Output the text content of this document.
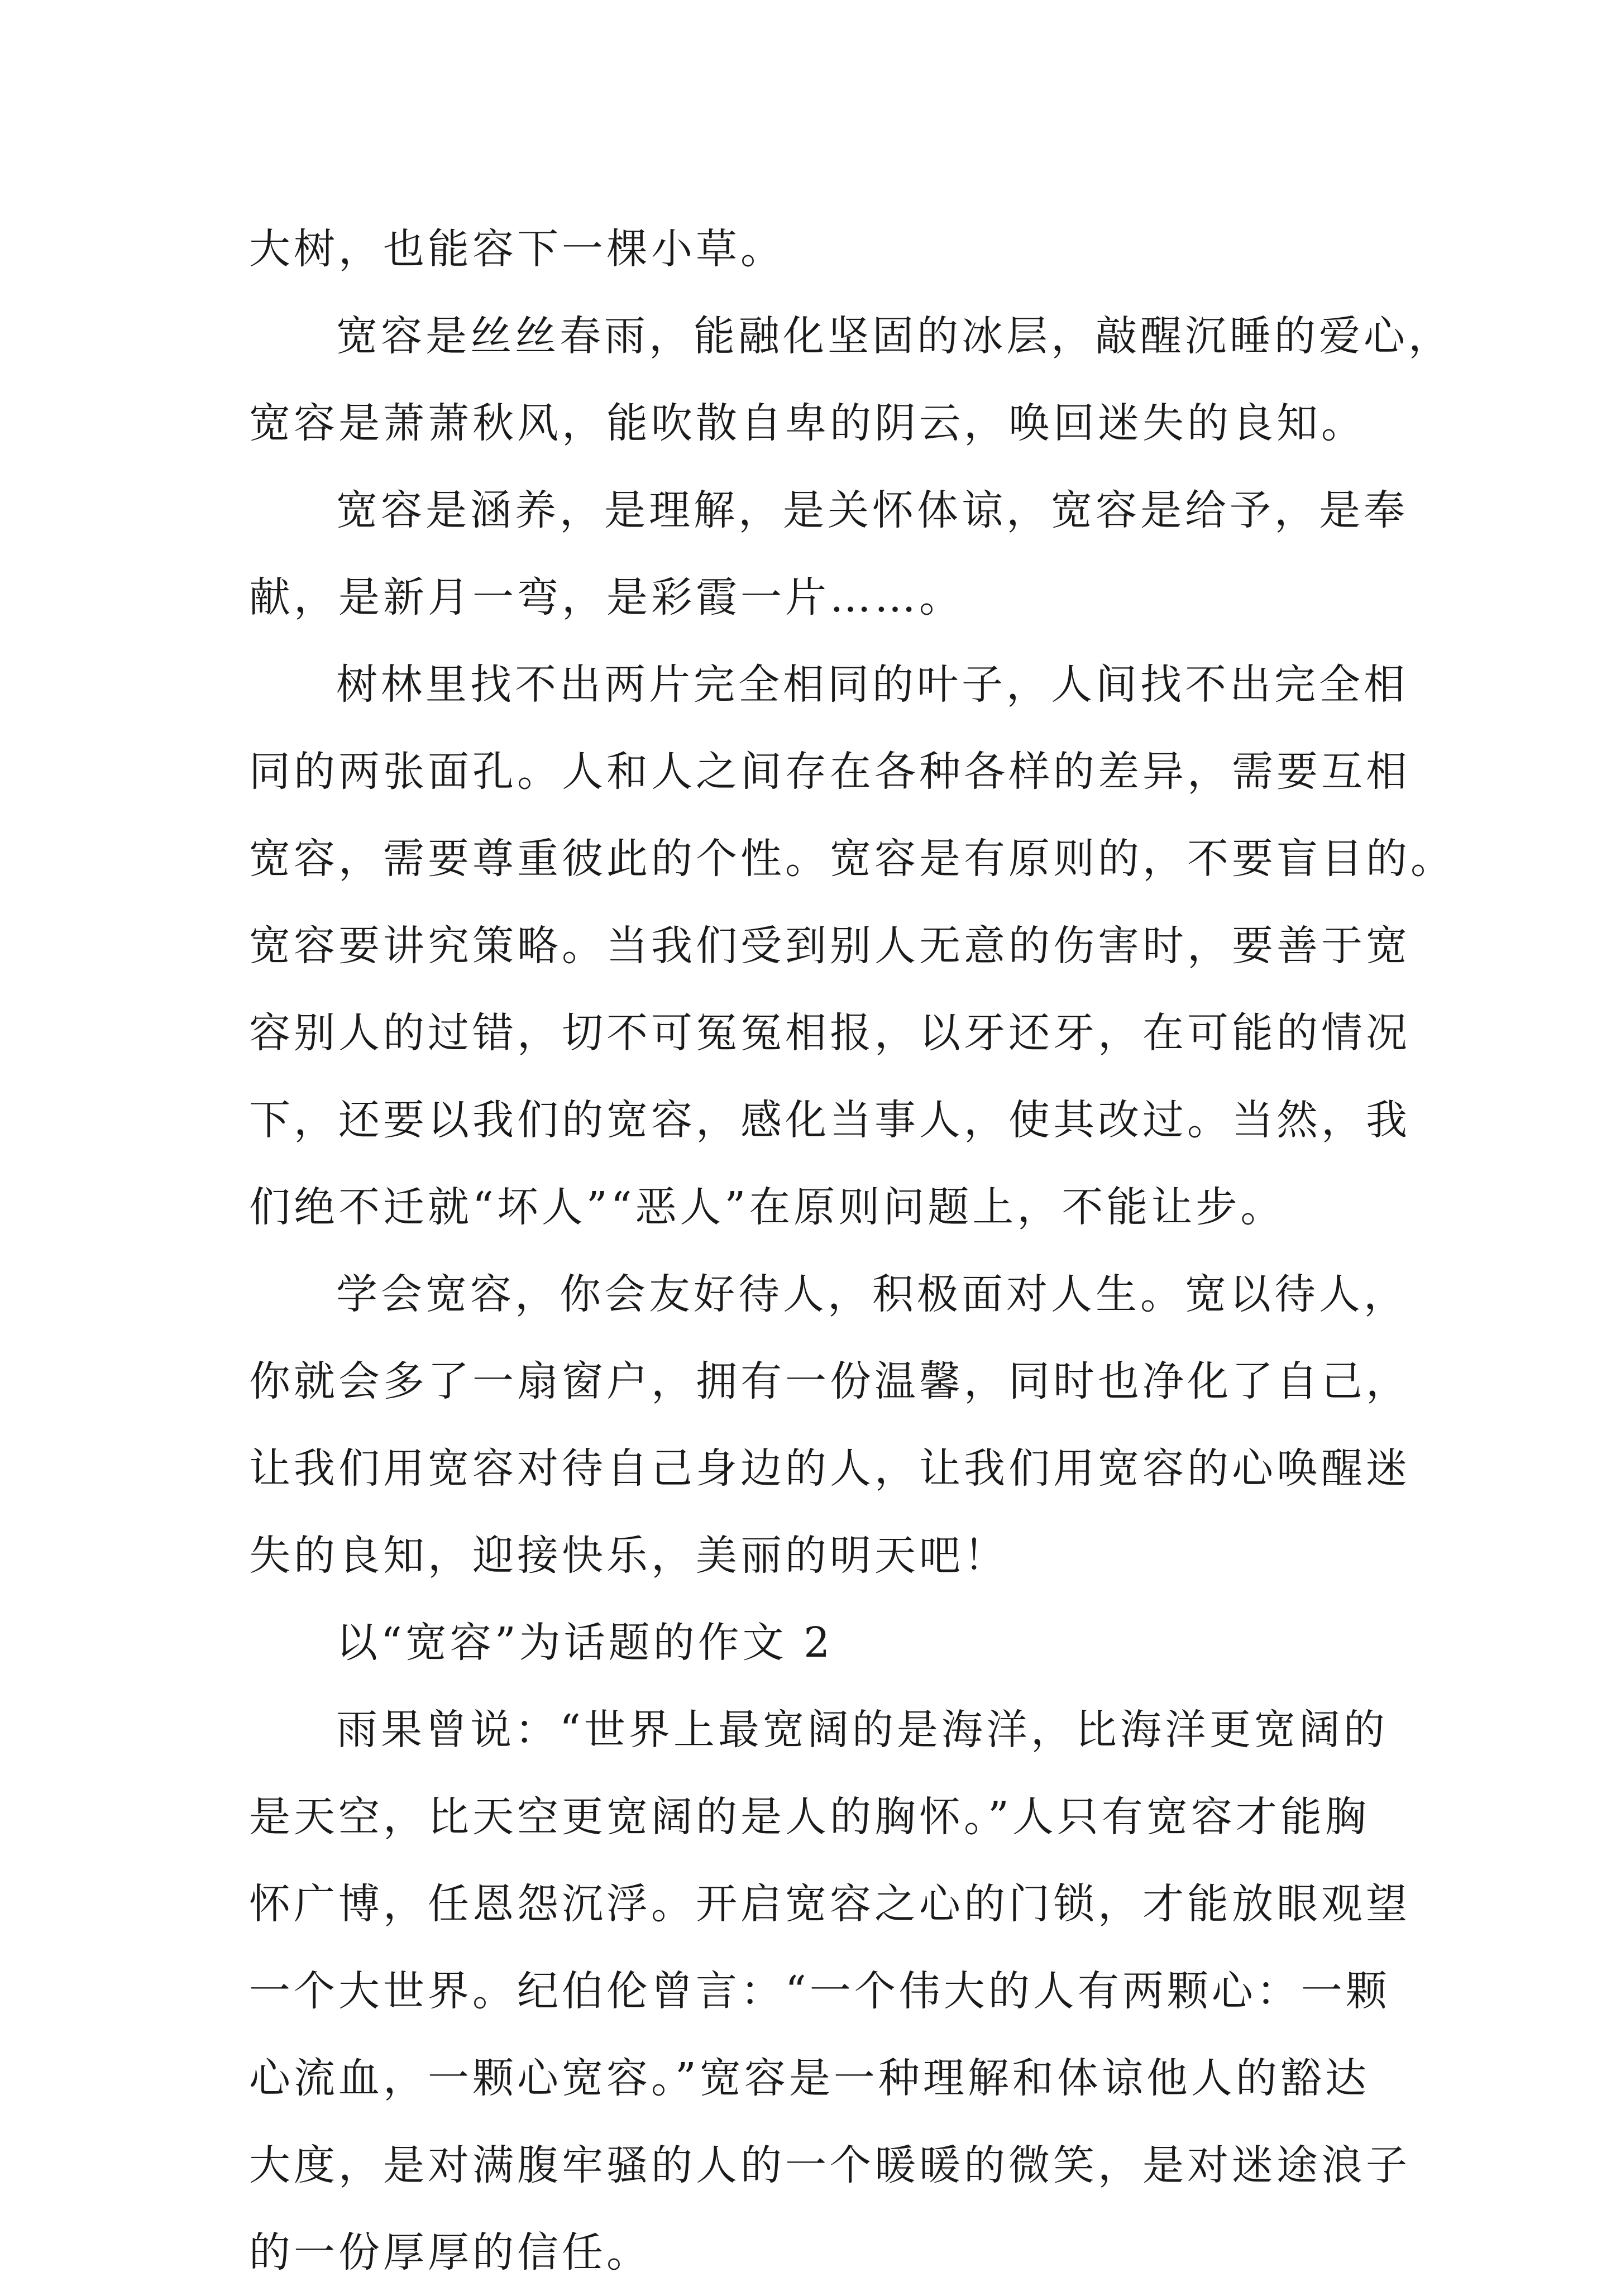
大树，也能容下一棵小草。
宽容是丝丝春雨，能融化坚固的冰层，敲醒沉睡的爱心，
宽容是萧萧秋风，能吹散自卑的阴云，唤回迷失的良知。
宽容是涵养，是理解，是关怀体谅，宽容是给予，是奉
献，是新月一弯，是彩霞一片……。
树林里找不出两片完全相同的叶子，人间找不出完全相
同的两张面孔。人和人之间存在各种各样的差异，需要互相
宽容，需要尊重彼此的个性。宽容是有原则的，不要盲目的。
宽容要讲究策略。当我们受到别人无意的伤害时，要善于宽
容别人的过错，切不可冤冤相报，以牙还牙，在可能的情况
下，还要以我们的宽容，感化当事人，使其改过。当然，我
们绝不迁就“坏人”“恶人”在原则问题上，不能让步。
学会宽容，你会友好待人，积极面对人生。宽以待人，
你就会多了一扇窗户，拥有一份温馨，同时也净化了自己，
让我们用宽容对待自己身边的人，让我们用宽容的心唤醒迷
失的良知，迎接快乐，美丽的明天吧！
以“宽容”为话题的作文 2
雨果曾说：“世界上最宽阔的是海洋，比海洋更宽阔的
是天空，比天空更宽阔的是人的胸怀。”人只有宽容才能胸
怀广博，任恩怨沉浮。开启宽容之心的门锁，才能放眼观望
一个大世界。纪伯伦曾言：“一个伟大的人有两颗心：一颗
心流血，一颗心宽容。”宽容是一种理解和体谅他人的豁达
大度，是对满腹牢骚的人的一个暖暖的微笑，是对迷途浪子
的一份厚厚的信任。
